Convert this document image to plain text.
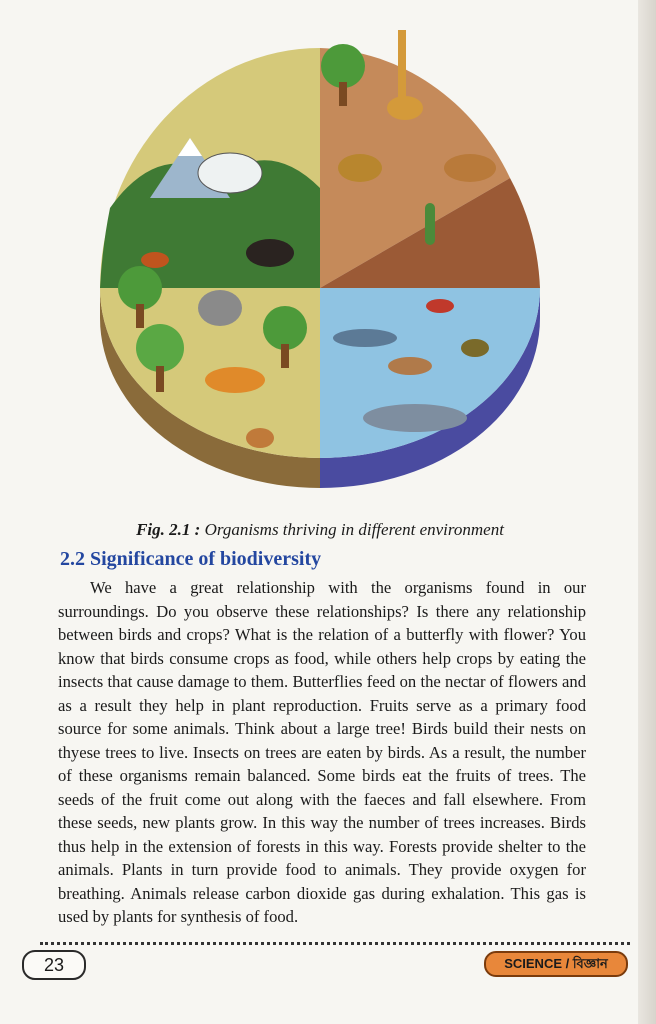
Fig. 2.1 : Organisms thriving in different environment
2.2 Significance of biodiversity
We have a great relationship with the organisms found in our surroundings. Do you observe these relationships? Is there any relationship between birds and crops? What is the relation of a butterfly with flower? You know that birds consume crops as food, while others help crops by eating the insects that cause damage to them. Butterflies feed on the nectar of flowers and as a result they help in plant reproduction. Fruits serve as a primary food source for some animals. Think about a large tree! Birds build their nests on thyese trees to live. Insects on trees are eaten by birds. As a result, the number of these organisms remain balanced. Some birds eat the fruits of trees. The seeds of the fruit come out along with the faeces and fall elsewhere. From these seeds, new plants grow. In this way the number of trees increases. Birds thus help in the extension of forests in this way. Forests provide shelter to the animals. Plants in turn provide food to animals. They provide oxygen for breathing. Animals release carbon dioxide gas during exhalation. This gas is used by plants for synthesis of food.
23	SCIENCE / বিজ্ঞান
